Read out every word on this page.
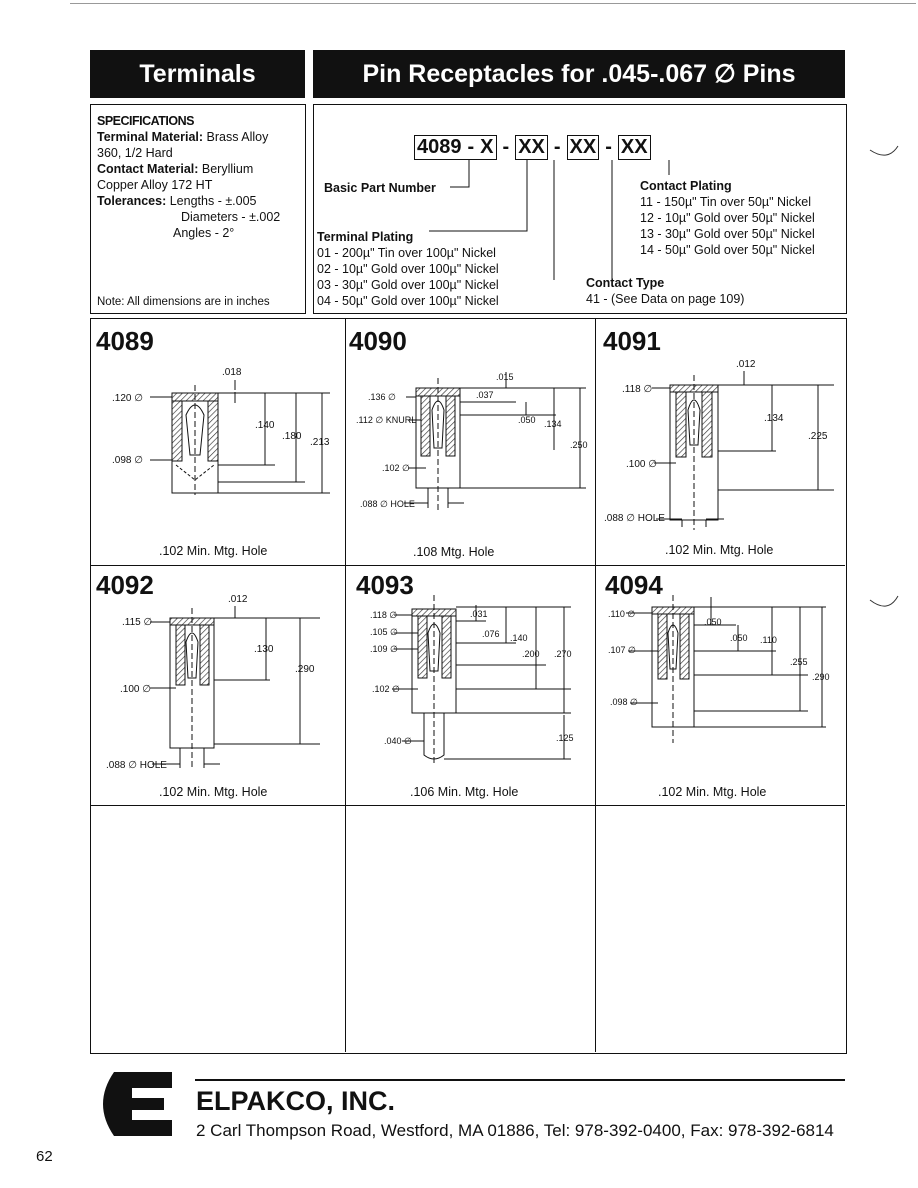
Terminals	Pin Receptacles for .045-.067 ∅ Pins
SPECIFICATIONS
Terminal Material: Brass Alloy
360, 1/2 Hard
Contact Material: Beryllium
Copper Alloy 172 HT
Tolerances: Lengths - ±.005
Diameters - ±.002
Angles - 2°
Note: All dimensions are in inches
4089 - X - XX - XX - XX
Basic Part Number
Terminal Plating
01 - 200µ" Tin over 100µ" Nickel
02 - 10µ" Gold over 100µ" Nickel
03 - 30µ" Gold over 100µ" Nickel
04 - 50µ" Gold over 100µ" Nickel
Contact Plating
11 - 150µ" Tin over 50µ" Nickel
12 - 10µ" Gold over 50µ" Nickel
13 - 30µ" Gold over 50µ" Nickel
14 - 50µ" Gold over 50µ" Nickel
Contact Type
41 - (See Data on page 109)
4089	4090	4091
4092	4093	4094
.102 Min. Mtg. Hole	.108 Mtg. Hole	.102 Min. Mtg. Hole
.102 Min. Mtg. Hole	.106 Min. Mtg. Hole	.102 Min. Mtg. Hole
.018
.120 ∅
.140
.180
.213
.098 ∅
.015
.136 ∅	.037
.112 ∅ KNURL	.050 .134
.250
.102 ∅
.088 ∅ HOLE
.012
.118 ∅
.134
.225
.100 ∅
.088 ∅ HOLE
.012
.115 ∅
.130
.290
.100 ∅
.088 ∅ HOLE
.118 ∅	.031
.105 ∅	.076 .140
.109 ∅	.200 .270
.102 ∅
.040 ∅	.125
.110 ∅
.050
.050 .110
.107 ∅
.255
.290
.098 ∅
ELPAKCO, INC.
2 Carl Thompson Road, Westford, MA 01886, Tel: 978-392-0400, Fax: 978-392-6814
62
